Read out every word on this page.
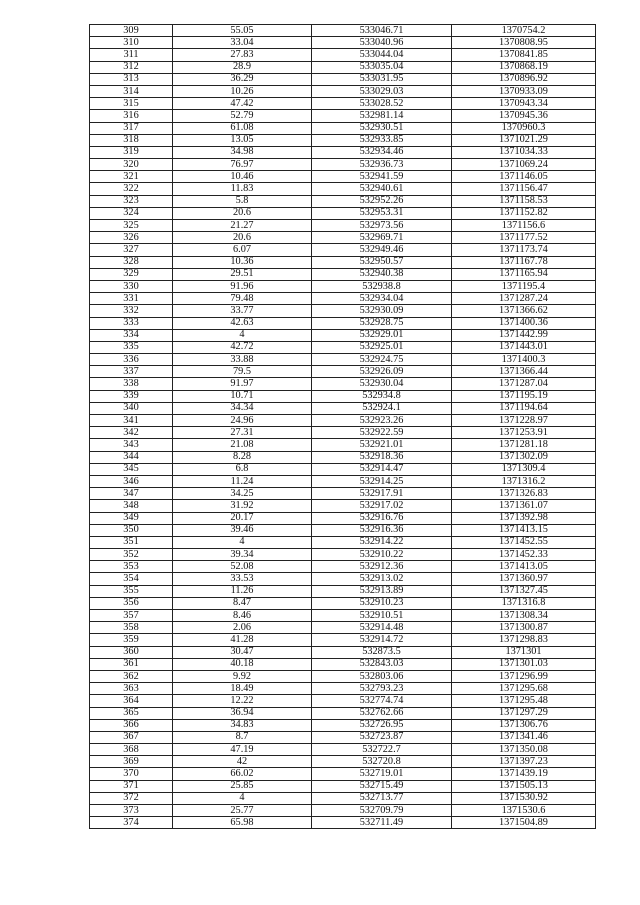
309	55.05	533046.71	1370754.2
310	33.04	533040.96	1370808.95
311	27.83	533044.04	1370841.85
312	28.9	533035.04	1370868.19
313	36.29	533031.95	1370896.92
314	10.26	533029.03	1370933.09
315	47.42	533028.52	1370943.34
316	52.79	532981.14	1370945.36
317	61.08	532930.51	1370960.3
318	13.05	532933.85	1371021.29
319	34.98	532934.46	1371034.33
320	76.97	532936.73	1371069.24
321	10.46	532941.59	1371146.05
322	11.83	532940.61	1371156.47
323	5.8	532952.26	1371158.53
324	20.6	532953.31	1371152.82
325	21.27	532973.56	1371156.6
326	20.6	532969.71	1371177.52
327	6.07	532949.46	1371173.74
328	10.36	532950.57	1371167.78
329	29.51	532940.38	1371165.94
330	91.96	532938.8	1371195.4
331	79.48	532934.04	1371287.24
332	33.77	532930.09	1371366.62
333	42.63	532928.75	1371400.36
334	4	532929.01	1371442.99
335	42.72	532925.01	1371443.01
336	33.88	532924.75	1371400.3
337	79.5	532926.09	1371366.44
338	91.97	532930.04	1371287.04
339	10.71	532934.8	1371195.19
340	34.34	532924.1	1371194.64
341	24.96	532923.26	1371228.97
342	27.31	532922.59	1371253.91
343	21.08	532921.01	1371281.18
344	8.28	532918.36	1371302.09
345	6.8	532914.47	1371309.4
346	11.24	532914.25	1371316.2
347	34.25	532917.91	1371326.83
348	31.92	532917.02	1371361.07
349	20.17	532916.76	1371392.98
350	39.46	532916.36	1371413.15
351	4	532914.22	1371452.55
352	39.34	532910.22	1371452.33
353	52.08	532912.36	1371413.05
354	33.53	532913.02	1371360.97
355	11.26	532913.89	1371327.45
356	8.47	532910.23	1371316.8
357	8.46	532910.51	1371308.34
358	2.06	532914.48	1371300.87
359	41.28	532914.72	1371298.83
360	30.47	532873.5	1371301
361	40.18	532843.03	1371301.03
362	9.92	532803.06	1371296.99
363	18.49	532793.23	1371295.68
364	12.22	532774.74	1371295.48
365	36.94	532762.66	1371297.29
366	34.83	532726.95	1371306.76
367	8.7	532723.87	1371341.46
368	47.19	532722.7	1371350.08
369	42	532720.8	1371397.23
370	66.02	532719.01	1371439.19
371	25.85	532715.49	1371505.13
372	4	532713.77	1371530.92
373	25.77	532709.79	1371530.6
374	65.98	532711.49	1371504.89
